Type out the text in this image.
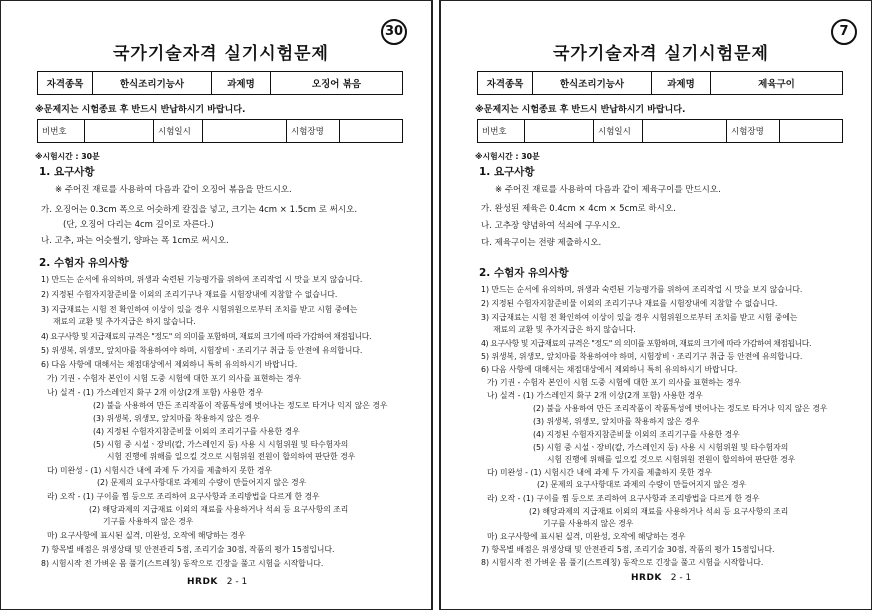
30
국가기술자격 실기시험문제
자격종목	한식조리기능사	과제명	오징어 볶음
※문제지는 시험종료 후 반드시 반납하시기 바랍니다.
비번호		시험일시		시험장명	
※시험시간 : 30분
1. 요구사항
※ 주어진 재료를 사용하여 다음과 같이 오징어 볶음을 만드시오.
가. 오징어는 0.3cm 폭으로 어슷하게 칼집을 넣고, 크기는 4cm × 1.5cm 로 써시오.
(단, 오징어 다리는 4cm 길이로 자른다.)
나. 고추, 파는 어슷썰기, 양파는 폭 1cm로 써시오.
2. 수험자 유의사항
1) 만드는 순서에 유의하며, 위생과 숙련된 기능평가를 위하여 조리작업 시 맛을 보지 않습니다.
2) 지정된 수험자지참준비물 이외의 조리기구나 재료를 시험장내에 지참할 수 없습니다.
3) 지급재료는 시험 전 확인하여 이상이 있을 경우 시험위원으로부터 조치를 받고 시험 중에는
재료의 교환 및 추가지급은 하지 않습니다.
4) 요구사항 및 지급재료의 규격은 "정도" 의 의미를 포함하며, 재료의 크기에 따라 가감하여 채점됩니다.
5) 위생복, 위생모, 앞치마를 착용하여야 하며, 시험장비ㆍ조리기구 취급 등 안전에 유의합니다.
6) 다음 사항에 대해서는 채점대상에서 제외하니 특히 유의하시기 바랍니다.
가) 기권 - 수험자 본인이 시험 도중 시험에 대한 포기 의사를 표현하는 경우
나) 실격 - (1) 가스레인지 화구 2개 이상(2개 포함) 사용한 경우
(2) 불을 사용하여 만든 조리작품이 작품특성에 벗어나는 정도로 타거나 익지 않은 경우
(3) 위생복, 위생모, 앞치마를 착용하지 않은 경우
(4) 지정된 수험자지참준비물 이외의 조리기구를 사용한 경우
(5) 시험 중 시설ㆍ장비(칼, 가스레인지 등) 사용 시 시험위원 및 타수험자의
시험 진행에 위해를 일으킬 것으로 시험위원 전원이 합의하여 판단한 경우
다) 미완성 - (1) 시험시간 내에 과제 두 가지를 제출하지 못한 경우
(2) 문제의 요구사항대로 과제의 수량이 만들어지지 않은 경우
라) 오작 - (1) 구이를 찜 등으로 조리하여 요구사항과 조리방법을 다르게 한 경우
(2) 해당과제의 지급재료 이외의 재료를 사용하거나 석쇠 등 요구사항의 조리
기구를 사용하지 않은 경우
마) 요구사항에 표시된 실격, 미완성, 오작에 해당하는 경우
7) 항목별 배점은 위생상태 및 안전관리 5점, 조리기술 30점, 작품의 평가 15점입니다.
8) 시험시작 전 가벼운 몸 풀기(스트레칭) 동작으로 긴장을 풀고 시험을 시작합니다.
HRDK 2 - 1
7
국가기술자격 실기시험문제
자격종목	한식조리기능사	과제명	제육구이
※문제지는 시험종료 후 반드시 반납하시기 바랍니다.
비번호		시험일시		시험장명	
※시험시간 : 30분
1. 요구사항
※ 주어진 재료를 사용하여 다음과 같이 제육구이를 만드시오.
가. 완성된 제육은 0.4cm × 4cm × 5cm로 하시오.
나. 고추장 양념하여 석쇠에 구우시오.
다. 제육구이는 전량 제출하시오.
2. 수험자 유의사항
1) 만드는 순서에 유의하며, 위생과 숙련된 기능평가를 위하여 조리작업 시 맛을 보지 않습니다.
2) 지정된 수험자지참준비물 이외의 조리기구나 재료를 시험장내에 지참할 수 없습니다.
3) 지급재료는 시험 전 확인하여 이상이 있을 경우 시험위원으로부터 조치를 받고 시험 중에는
재료의 교환 및 추가지급은 하지 않습니다.
4) 요구사항 및 지급재료의 규격은 "정도" 의 의미를 포함하며, 재료의 크기에 따라 가감하여 채점됩니다.
5) 위생복, 위생모, 앞치마를 착용하여야 하며, 시험장비ㆍ조리기구 취급 등 안전에 유의합니다.
6) 다음 사항에 대해서는 채점대상에서 제외하니 특히 유의하시기 바랍니다.
가) 기권 - 수험자 본인이 시험 도중 시험에 대한 포기 의사를 표현하는 경우
나) 실격 - (1) 가스레인지 화구 2개 이상(2개 포함) 사용한 경우
(2) 불을 사용하여 만든 조리작품이 작품특성에 벗어나는 정도로 타거나 익지 않은 경우
(3) 위생복, 위생모, 앞치마를 착용하지 않은 경우
(4) 지정된 수험자지참준비물 이외의 조리기구를 사용한 경우
(5) 시험 중 시설ㆍ장비(칼, 가스레인지 등) 사용 시 시험위원 및 타수험자의
시험 진행에 위해를 일으킬 것으로 시험위원 전원이 합의하여 판단한 경우
다) 미완성 - (1) 시험시간 내에 과제 두 가지를 제출하지 못한 경우
(2) 문제의 요구사항대로 과제의 수량이 만들어지지 않은 경우
라) 오작 - (1) 구이를 찜 등으로 조리하여 요구사항과 조리방법을 다르게 한 경우
(2) 해당과제의 지급재료 이외의 재료를 사용하거나 석쇠 등 요구사항의 조리
기구를 사용하지 않은 경우
마) 요구사항에 표시된 실격, 미완성, 오작에 해당하는 경우
7) 항목별 배점은 위생상태 및 안전관리 5점, 조리기술 30점, 작품의 평가 15점입니다.
8) 시험시작 전 가벼운 몸 풀기(스트레칭) 동작으로 긴장을 풀고 시험을 시작합니다.
HRDK 2 - 1
